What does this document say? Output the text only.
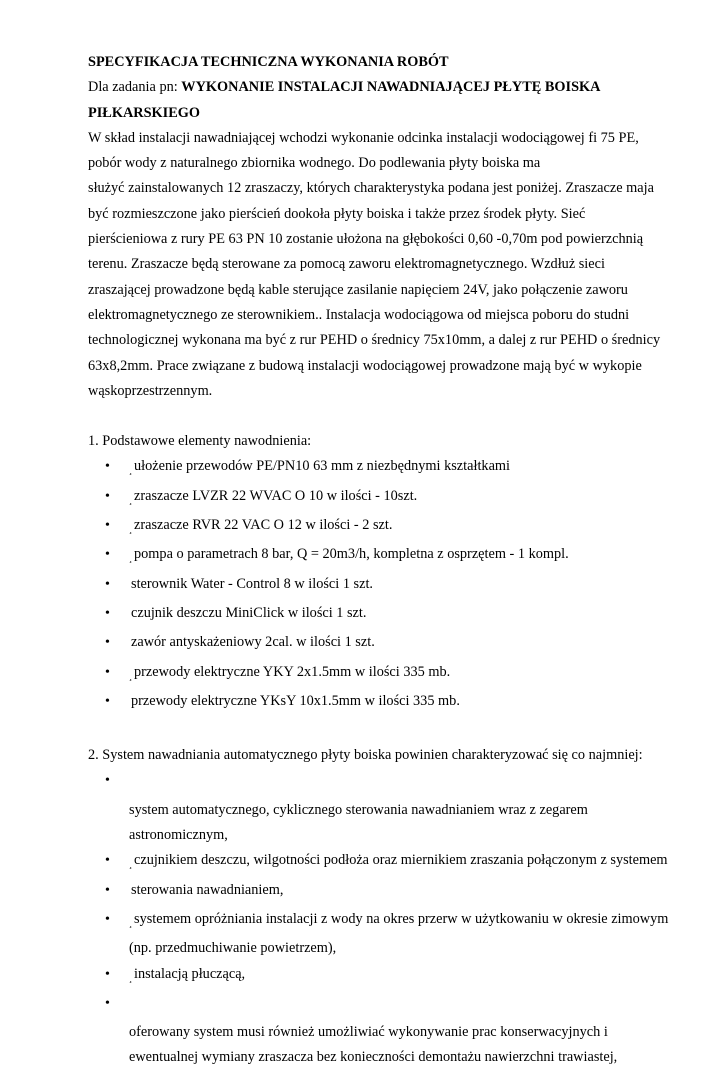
SPECYFIKACJA TECHNICZNA WYKONANIA ROBÓT
Dla zadania pn: WYKONANIE INSTALACJI NAWADNIAJĄCEJ PŁYTĘ BOISKA
PIŁKARSKIEGO
W skład instalacji nawadniającej wchodzi wykonanie odcinka instalacji wodociągowej fi 75 PE,
pobór wody z naturalnego zbiornika wodnego. Do podlewania płyty boiska ma
służyć zainstalowanych 12 zraszaczy, których charakterystyka podana jest poniżej. Zraszacze maja
być rozmieszczone jako pierścień dookoła płyty boiska i także przez środek płyty. Sieć
pierścieniowa z rury PE 63 PN 10 zostanie ułożona na głębokości 0,60 -0,70m pod powierzchnią
terenu. Zraszacze będą sterowane za pomocą zaworu elektromagnetycznego. Wzdłuż sieci
zraszającej prowadzone będą kable sterujące zasilanie napięciem 24V, jako połączenie zaworu
elektromagnetycznego ze sterownikiem.. Instalacja wodociągowa od miejsca poboru do studni
technologicznej wykonana ma być z rur PEHD o średnicy 75x10mm, a dalej z rur PEHD o średnicy
63x8,2mm. Prace związane z budową instalacji wodociągowej prowadzone mają być w wykopie
wąskoprzestrzennym.
1. Podstawowe elementy nawodnienia:
• $_¸$ ułożenie przewodów PE/PN10 63 mm z niezbędnymi kształtkami
• $_¸$ zraszacze LVZR 22 WVAC O 10 w ilości - 10szt.
• $_¸$ zraszacze RVR 22 VAC O 12 w ilości - 2 szt.
• $_¸$ pompa o parametrach 8 bar, Q = 20m3/h, kompletna z osprzętem - 1 kompl.
• sterownik Water - Control 8 w ilości 1 szt.
• czujnik deszczu MiniClick w ilości 1 szt.
• zawór antyskażeniowy 2cal. w ilości 1 szt.
• $_¸$ przewody elektryczne YKY 2x1.5mm w ilości 335 mb.
• przewody elektryczne YKsY 10x1.5mm w ilości 335 mb.
2. System nawadniania automatycznego płyty boiska powinien charakteryzować się co najmniej:
•
system automatycznego, cyklicznego sterowania nawadnianiem wraz z zegarem
astronomicznym,
• $_¸$ czujnikiem deszczu, wilgotności podłoża oraz miernikiem zraszania połączonym z systemem
• sterowania nawadnianiem,
• $_¸$ systemem opróżniania instalacji z wody na okres przerw w użytkowaniu w okresie zimowym
(np. przedmuchiwanie powietrzem),
• $_¸$ instalacją płuczącą,
•
oferowany system musi również umożliwiać wykonywanie prac konserwacyjnych i
ewentualnej wymiany zraszacza bez konieczności demontażu nawierzchni trawiastej,
